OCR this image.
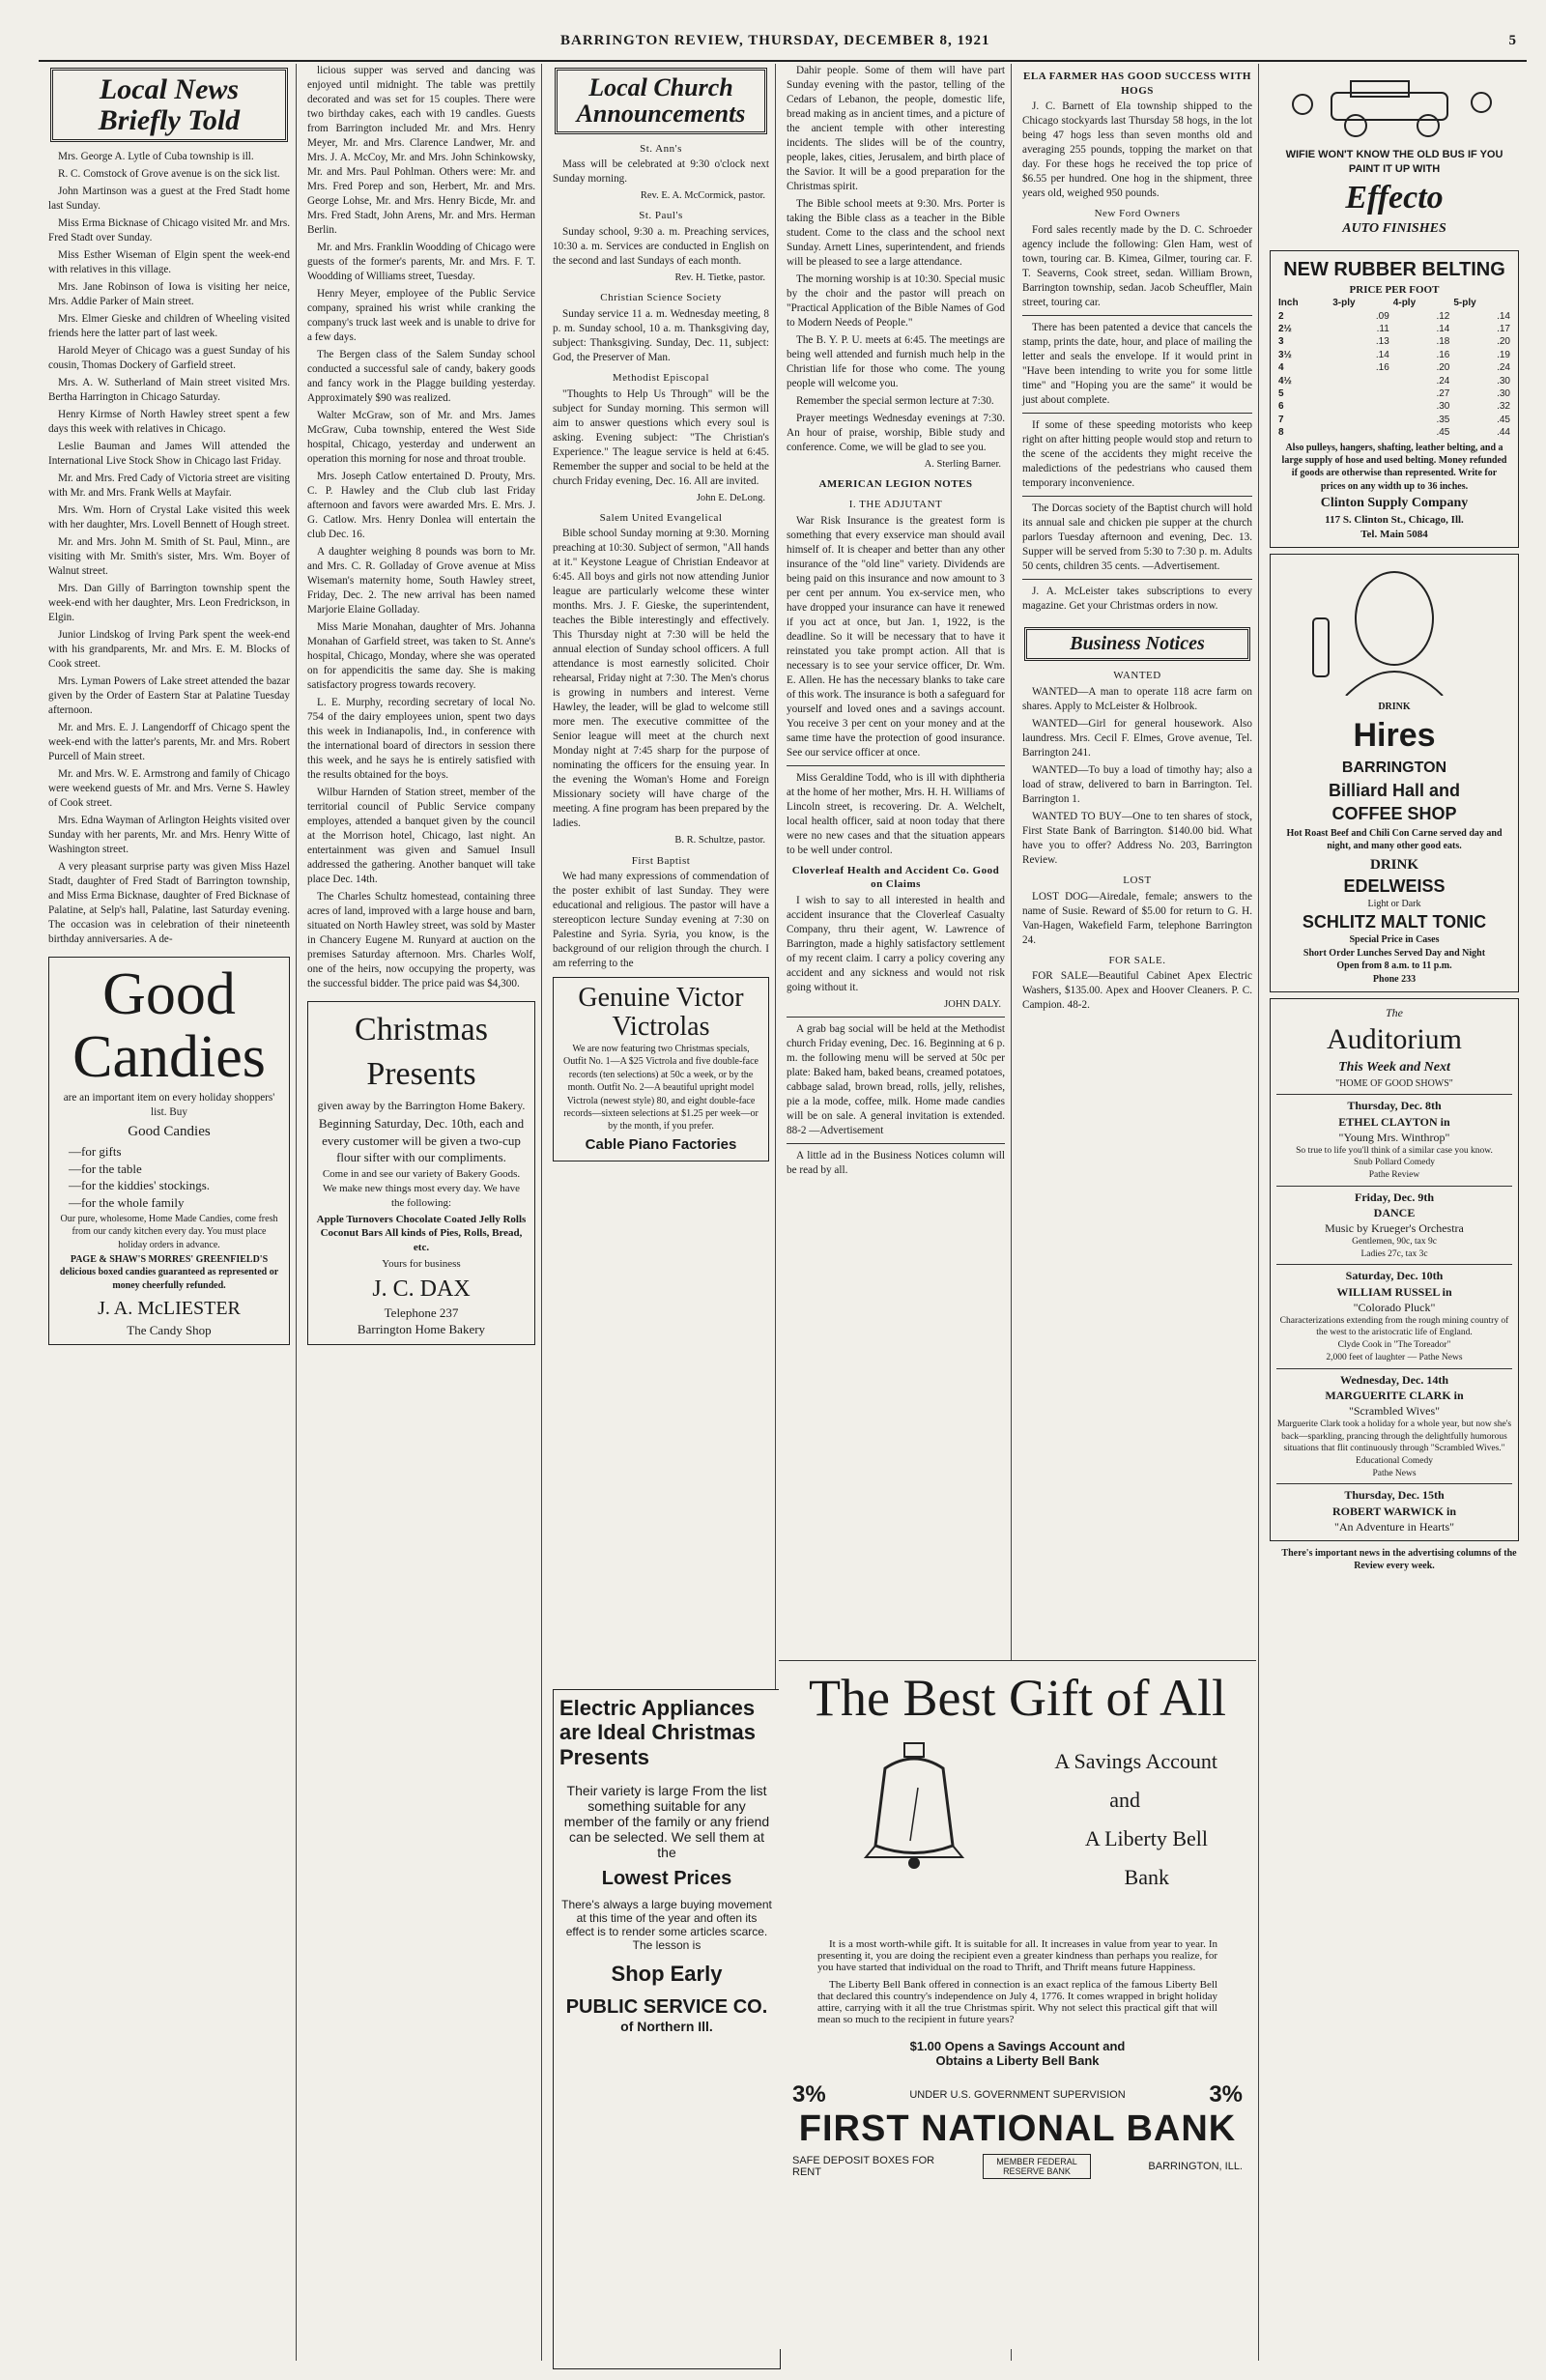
BARRINGTON REVIEW, THURSDAY, DECEMBER 8, 1921	5
Local News
Briefly Told

Mrs. George A. Lytle of Cuba township is ill.

R. C. Comstock of Grove avenue is on the sick list.

John Martinson was a guest at the Fred Stadt home last Sunday.

Miss Erma Bicknase of Chicago visited Mr. and Mrs. Fred Stadt over Sunday.

Miss Esther Wiseman of Elgin spent the week-end with relatives in this village.

Mrs. Jane Robinson of Iowa is visiting her neice, Mrs. Addie Parker of Main street.

Mrs. Elmer Gieske and children of Wheeling visited friends here the latter part of last week.

Harold Meyer of Chicago was a guest Sunday of his cousin, Thomas Dockery of Garfield street.

Mrs. A. W. Sutherland of Main street visited Mrs. Bertha Harrington in Chicago Saturday.

Henry Kirmse of North Hawley street spent a few days this week with relatives in Chicago.

Leslie Bauman and James Will attended the International Live Stock Show in Chicago last Friday.

Mr. and Mrs. Fred Cady of Victoria street are visiting with Mr. and Mrs. Frank Wells at Mayfair.

Mrs. Wm. Horn of Crystal Lake visited this week with her daughter, Mrs. Lovell Bennett of Hough street.

Mr. and Mrs. John M. Smith of St. Paul, Minn., are visiting with Mr. Smith's sister, Mrs. Wm. Boyer of Walnut street.

Mrs. Dan Gilly of Barrington township spent the week-end with her daughter, Mrs. Leon Fredrickson, in Elgin.

Junior Lindskog of Irving Park spent the week-end with his grandparents, Mr. and Mrs. E. M. Blocks of Cook street.

Mrs. Lyman Powers of Lake street attended the bazar given by the Order of Eastern Star at Palatine Tuesday afternoon.

Mr. and Mrs. E. J. Langendorff of Chicago spent the week-end with the latter's parents, Mr. and Mrs. Robert Purcell of Main street.

Mr. and Mrs. W. E. Armstrong and family of Chicago were weekend guests of Mr. and Mrs. Verne S. Hawley of Cook street.

Mrs. Edna Wayman of Arlington Heights visited over Sunday with her parents, Mr. and Mrs. Henry Witte of Washington street.

A very pleasant surprise party was given Miss Hazel Stadt, daughter of Fred Stadt of Barrington township, and Miss Erma Bicknase, daughter of Fred Bicknase of Palatine, at Selp's hall, Palatine, last Saturday evening. The occasion was in celebration of their nineteenth birthday anniversaries. A de-

Good
Candies

are an important item on every holiday shoppers' list. Buy

Good Candies

—for gifts
—for the table
—for the kiddies' stockings.
—for the whole family

Our pure, wholesome, Home Made Candies, come fresh from our candy kitchen every day. You must place holiday orders in advance.

PAGE & SHAW'S MORRES' GREENFIELD'S delicious boxed candies guaranteed as represented or money cheerfully refunded.

J. A. McLIESTER
The Candy Shop

licious supper was served and dancing was enjoyed until midnight. The table was prettily decorated and was set for 15 couples. There were two birthday cakes, each with 19 candles. Guests from Barrington included Mr. and Mrs. Henry Meyer, Mr. and Mrs. Clarence Landwer, Mr. and Mrs. J. A. McCoy, Mr. and Mrs. John Schinkowsky, Mr. and Mrs. Paul Pohlman. Others were: Mr. and Mrs. Fred Porep and son, Herbert, Mr. and Mrs. George Lohse, Mr. and Mrs. Henry Bicde, Mr. and Mrs. Fred Stadt, John Arens, Mr. and Mrs. Herman Berlin.

Mr. and Mrs. Franklin Woodding of Chicago were guests of the former's parents, Mr. and Mrs. F. T. Woodding of Williams street, Tuesday.

Henry Meyer, employee of the Public Service company, sprained his wrist while cranking the company's truck last week and is unable to drive for a few days.

The Bergen class of the Salem Sunday school conducted a successful sale of candy, bakery goods and fancy work in the Plagge building yesterday. Approximately $90 was realized.

Walter McGraw, son of Mr. and Mrs. James McGraw, Cuba township, entered the West Side hospital, Chicago, yesterday and underwent an operation this morning for nose and throat trouble.

Mrs. Joseph Catlow entertained D. Prouty, Mrs. C. P. Hawley and the Club club last Friday afternoon and favors were awarded Mrs. E. Mrs. J. G. Catlow. Mrs. Henry Donlea will entertain the club Dec. 16.

A daughter weighing 8 pounds was born to Mr. and Mrs. C. R. Golladay of Grove avenue at Miss Wiseman's maternity home, South Hawley street, Friday, Dec. 2. The new arrival has been named Marjorie Elaine Golladay.

Miss Marie Monahan, daughter of Mrs. Johanna Monahan of Garfield street, was taken to St. Anne's hospital, Chicago, Monday, where she was operated on for appendicitis the same day. She is making satisfactory progress towards recovery.

L. E. Murphy, recording secretary of local No. 754 of the dairy employees union, spent two days this week in Indianapolis, Ind., in conference with the international board of directors in session there this week, and he says he is entirely satisfied with the results obtained for the boys.

Wilbur Harnden of Station street, member of the territorial council of Public Service company employes, attended a banquet given by the council at the Morrison hotel, Chicago, last night. An entertainment was given and Samuel Insull addressed the gathering. Another banquet will take place Dec. 14th.

The Charles Schultz homestead, containing three acres of land, improved with a large house and barn, situated on North Hawley street, was sold by Master in Chancery Eugene M. Runyard at auction on the premises Saturday afternoon. Mrs. Charles Wolf, one of the heirs, now occupying the property, was the successful bidder. The price paid was $4,300.

Christmas
Presents

given away by the Barrington Home Bakery.

Beginning Saturday, Dec. 10th, each and every customer will be given a two-cup flour sifter with our compliments.

Come in and see our variety of Bakery Goods. We make new things most every day. We have the following:

Apple Turnovers Chocolate Coated Jelly Rolls Coconut Bars All kinds of Pies, Rolls, Bread, etc.

Yours for business

J. C. DAX
Telephone 237
Barrington Home Bakery
Local Church
Announcements
St. Ann's

Mass will be celebrated at 9:30 o'clock next Sunday morning.

Rev. E. A. McCormick, pastor.
St. Paul's

Sunday school, 9:30 a. m. Preaching services, 10:30 a. m. Services are conducted in English on the second and last Sundays of each month.

Rev. H. Tietke, pastor.
Christian Science Society

Sunday service 11 a. m. Wednesday meeting, 8 p. m. Sunday school, 10 a. m. Thanksgiving day, subject: Thanksgiving. Sunday, Dec. 11, subject: God, the Preserver of Man.

Methodist Episcopal

"Thoughts to Help Us Through" will be the subject for Sunday morning. This sermon will aim to answer questions which every soul is asking. Evening subject: "The Christian's Experience." The league service is held at 6:45. Remember the supper and social to be held at the church Friday evening, Dec. 16. All are invited.

John E. DeLong.
Salem United Evangelical

Bible school Sunday morning at 9:30. Morning preaching at 10:30. Subject of sermon, "All hands at it." Keystone League of Christian Endeavor at 6:45. All boys and girls not now attending Junior league are particularly welcome these winter months. Mrs. J. F. Gieske, the superintendent, teaches the Bible interestingly and effectively. This Thursday night at 7:30 will be held the annual election of Sunday school officers. A full attendance is most earnestly solicited. Choir rehearsal, Friday night at 7:30. The Men's chorus is growing in numbers and interest. Verne Hawley, the leader, will be glad to welcome still more men. The executive committee of the Senior league will meet at the church next Monday night at 7:45 sharp for the purpose of nominating the officers for the ensuing year. In the evening the Woman's Home and Foreign Missionary society will have charge of the meeting. A fine program has been prepared by the ladies.

B. R. Schultze, pastor.
First Baptist

We had many expressions of commendation of the poster exhibit of last Sunday. They were educational and religious. The pastor will have a stereopticon lecture Sunday evening at 7:30 on Palestine and Syria. Syria, you know, is the background of our religion through the church. I am referring to the

Genuine Victor Victrolas

We are now featuring two Christmas specials, Outfit No. 1—A $25 Victrola and five double-face records (ten selections) at 50c a week, or by the month. Outfit No. 2—A beautiful upright model Victrola (newest style) 80, and eight double-face records—sixteen selections at $1.25 per week—or by the month, if you prefer.

Cable Piano Factories

Dahir people. Some of them will have part Sunday evening with the pastor, telling of the Cedars of Lebanon, the people, domestic life, bread making as in ancient times, and a picture of the ancient temple with other interesting incidents. The slides will be of the country, people, lakes, cities, Jerusalem, and birth place of the Savior. It will be a good preparation for the Christmas spirit.

The Bible school meets at 9:30. Mrs. Porter is taking the Bible class as a teacher in the Bible student. Come to the class and the school next Sunday. Arnett Lines, superintendent, and friends will be pleased to see a large attendance.

The morning worship is at 10:30. Special music by the choir and the pastor will preach on "Practical Application of the Bible Names of God to Modern Needs of People."

The B. Y. P. U. meets at 6:45. The meetings are being well attended and furnish much help in the Christian life for those who come. The young people will welcome you.

Remember the special sermon lecture at 7:30.

Prayer meetings Wednesday evenings at 7:30. An hour of praise, worship, Bible study and conference. Come, we will be glad to see you.

A. Sterling Barner.
AMERICAN LEGION NOTES
I. THE ADJUTANT

War Risk Insurance is the greatest form is something that every exservice man should avail himself of. It is cheaper and better than any other insurance of the "old line" variety. Dividends are being paid on this insurance and now amount to 3 per cent per annum. You ex-service men, who have dropped your insurance can have it renewed if you act at once, but Jan. 1, 1922, is the deadline. So it will be necessary that to have it reinstated you take prompt action. All that is necessary is to see your service officer, Dr. Wm. E. Allen. He has the necessary blanks to take care of this work. The insurance is both a safeguard for yourself and loved ones and a savings account. You receive 3 per cent on your money and at the same time have the protection of good insurance. See our service officer at once.

Miss Geraldine Todd, who is ill with diphtheria at the home of her mother, Mrs. H. H. Williams of Lincoln street, is recovering. Dr. A. Welchelt, local health officer, said at noon today that there were no new cases and that the situation appears to be well under control.

Cloverleaf Health and Accident Co. Good on Claims

I wish to say to all interested in health and accident insurance that the Cloverleaf Casualty Company, thru their agent, W. Lawrence of Barrington, made a highly satisfactory settlement of my recent claim. I carry a policy covering any accident and any sickness and would not risk going without it.

JOHN DALY.

A grab bag social will be held at the Methodist church Friday evening, Dec. 16. Beginning at 6 p. m. the following menu will be served at 50c per plate: Baked ham, baked beans, creamed potatoes, cabbage salad, brown bread, rolls, jelly, relishes, pie a la mode, coffee, milk. Home made candies will be on sale. A general invitation is extended. 88-2 —Advertisement

A little ad in the Business Notices column will be read by all.

ELA FARMER HAS GOOD SUCCESS WITH HOGS

J. C. Barnett of Ela township shipped to the Chicago stockyards last Thursday 58 hogs, in the lot being 47 hogs less than seven months old and averaging 255 pounds, topping the market on that day. For these hogs he received the top price of $6.55 per hundred. One hog in the shipment, three years old, weighed 950 pounds.

New Ford Owners

Ford sales recently made by the D. C. Schroeder agency include the following: Glen Ham, west of town, touring car. B. Kimea, Gilmer, touring car. F. T. Seaverns, Cook street, sedan. William Brown, Barrington township, sedan. Jacob Scheuffler, Main street, touring car.

There has been patented a device that cancels the stamp, prints the date, hour, and place of mailing the letter and seals the envelope. If it would print in "Have been intending to write you for some little time" and "Hoping you are the same" it would be just about complete.

If some of these speeding motorists who keep right on after hitting people would stop and return to the scene of the accidents they might receive the maledictions of the pedestrians who caused them temporary inconvenience.

The Dorcas society of the Baptist church will hold its annual sale and chicken pie supper at the church parlors Tuesday afternoon and evening, Dec. 13. Supper will be served from 5:30 to 7:30 p. m. Adults 50 cents, children 35 cents. —Advertisement.

J. A. McLeister takes subscriptions to every magazine. Get your Christmas orders in now.

Business Notices
WANTED

WANTED—A man to operate 118 acre farm on shares. Apply to McLeister & Holbrook.

WANTED—Girl for general housework. Also laundress. Mrs. Cecil F. Elmes, Grove avenue, Tel. Barrington 241.

WANTED—To buy a load of timothy hay; also a load of straw, delivered to barn in Barrington. Tel. Barrington 1.

WANTED TO BUY—One to ten shares of stock, First State Bank of Barrington. $140.00 bid. What have you to offer? Address No. 203, Barrington Review.

LOST

LOST DOG—Airedale, female; answers to the name of Susie. Reward of $5.00 for return to G. H. Van-Hagen, Wakefield Farm, telephone Barrington 24.

FOR SALE.

FOR SALE—Beautiful Cabinet Apex Electric Washers, $135.00. Apex and Hoover Cleaners. P. C. Campion. 48-2.

Electric Appliances are Ideal Christmas Presents

Their variety is large From the list something suitable for any member of the family or any friend can be selected. We sell them at the

Lowest Prices

There's always a large buying movement at this time of the year and often its effect is to render some articles scarce. The lesson is

Shop Early
PUBLIC SERVICE CO.
of Northern Ill.
The Best Gift of All
A Savings Account
and
A Liberty Bell
Bank

It is a most worth-while gift. It is suitable for all. It increases in value from year to year. In presenting it, you are doing the recipient even a greater kindness than perhaps you realize, for you have started that individual on the road to Thrift, and Thrift means future Happiness.

The Liberty Bell Bank offered in connection is an exact replica of the famous Liberty Bell that declared this country's independence on July 4, 1776. It comes wrapped in bright holiday attire, carrying with it all the true Christmas spirit. Why not select this practical gift that will mean so much to the recipient in future years?

$1.00 Opens a Savings Account and Obtains a Liberty Bell Bank
3%	UNDER U.S. GOVERNMENT SUPERVISION	3%
FIRST NATIONAL BANK
SAFE DEPOSIT BOXES FOR RENT
MEMBER FEDERAL RESERVE BANK	BARRINGTON, ILL.
WIFIE WON'T KNOW THE OLD BUS IF YOU PAINT IT UP WITH
Effecto
AUTO FINISHES
NEW RUBBER BELTING
PRICE PER FOOT
Inch	3-ply	4-ply	5-ply
2	.09	.12	.14
2½	.11	.14	.17
3	.13	.18	.20
3½	.14	.16	.19
4	.16	.20	.24
4½		.24	.30
5		.27	.30
6		.30	.32
7		.35	.45
8		.45	.44

Also pulleys, hangers, shafting, leather belting, and a large supply of hose and used belting. Money refunded if goods are otherwise than represented. Write for prices on any width up to 36 inches.

Clinton Supply Company
117 S. Clinton St., Chicago, Ill.
Tel. Main 5084
DRINK
Hires
BARRINGTON
Billiard Hall and
COFFEE SHOP

Hot Roast Beef and Chili Con Carne served day and night, and many other good eats.

DRINK
EDELWEISS
Light or Dark
SCHLITZ MALT TONIC
Special Price in Cases
Short Order Lunches Served Day and Night
Open from 8 a.m. to 11 p.m.
Phone 233
The
Auditorium
This Week and Next
"HOME OF GOOD SHOWS"
Thursday, Dec. 8th
ETHEL CLAYTON in
"Young Mrs. Winthrop"
So true to life you'll think of a similar case you know.
Snub Pollard Comedy
Pathe Review
Friday, Dec. 9th
DANCE
Music by Krueger's Orchestra
Gentlemen, 90c, tax 9c
Ladies 27c, tax 3c
Saturday, Dec. 10th
WILLIAM RUSSEL in
"Colorado Pluck"
Characterizations extending from the rough mining country of the west to the aristocratic life of England.
Clyde Cook in "The Toreador"
2,000 feet of laughter — Pathe News
Wednesday, Dec. 14th
MARGUERITE CLARK in
"Scrambled Wives"
Marguerite Clark took a holiday for a whole year, but now she's back—sparkling, prancing through the delightfully humorous situations that flit continuously through "Scrambled Wives."
Educational Comedy
Pathe News
Thursday, Dec. 15th
ROBERT WARWICK in
"An Adventure in Hearts"

There's important news in the advertising columns of the Review every week.
